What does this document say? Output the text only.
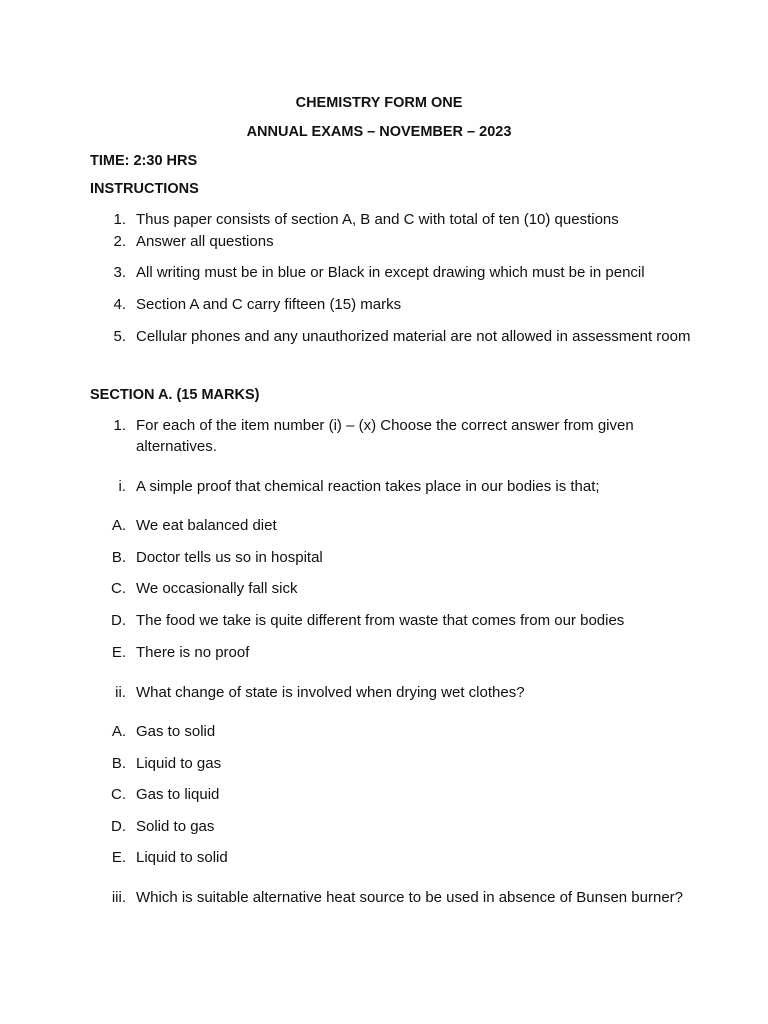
CHEMISTRY FORM ONE
ANNUAL EXAMS – NOVEMBER – 2023
TIME: 2:30 HRS
INSTRUCTIONS
1. Thus paper consists of section A, B and C with total of ten (10) questions
2. Answer all questions
3. All writing must be in blue or Black in except drawing which must be in pencil
4. Section A and C carry fifteen (15) marks
5. Cellular phones and any unauthorized material are not allowed in assessment room
SECTION A. (15 MARKS)
1. For each of the item number (i) – (x) Choose the correct answer from given alternatives.
i. A simple proof that chemical reaction takes place in our bodies is that;
A. We eat balanced diet
B. Doctor tells us so in hospital
C. We occasionally fall sick
D. The food we take is quite different from waste that comes from our bodies
E. There is no proof
ii. What change of state is involved when drying wet clothes?
A. Gas to solid
B. Liquid to gas
C. Gas to liquid
D. Solid to gas
E. Liquid to solid
iii. Which is suitable alternative heat source to be used in absence of Bunsen burner?
